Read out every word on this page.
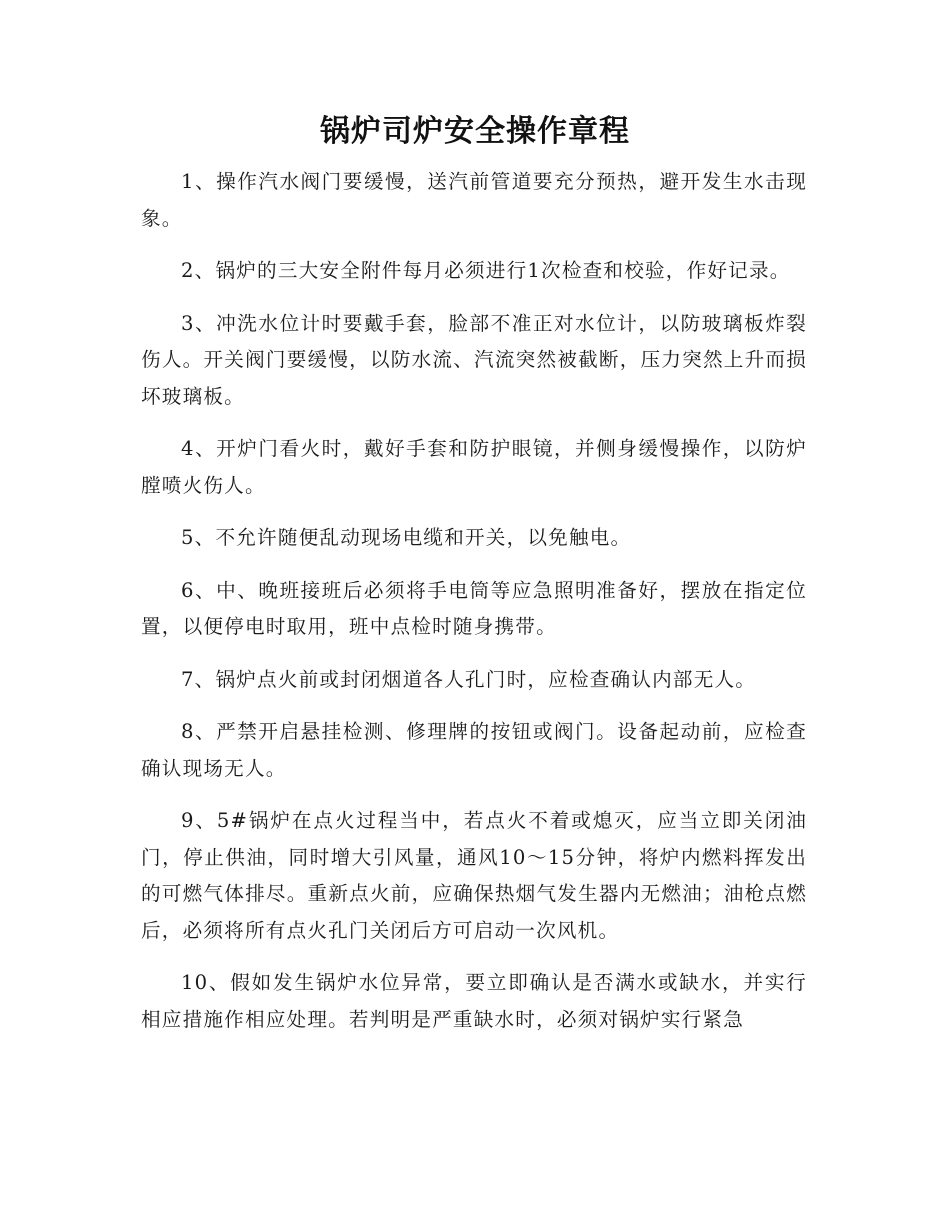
锅炉司炉安全操作章程

1、操作汽水阀门要缓慢，送汽前管道要充分预热，避开发生水击现象。

2、锅炉的三大安全附件每月必须进行1次检查和校验，作好记录。

3、冲洗水位计时要戴手套，脸部不准正对水位计，以防玻璃板炸裂伤人。开关阀门要缓慢，以防水流、汽流突然被截断，压力突然上升而损坏玻璃板。

4、开炉门看火时，戴好手套和防护眼镜，并侧身缓慢操作，以防炉膛喷火伤人。

5、不允许随便乱动现场电缆和开关，以免触电。

6、中、晚班接班后必须将手电筒等应急照明准备好，摆放在指定位置，以便停电时取用，班中点检时随身携带。

7、锅炉点火前或封闭烟道各人孔门时，应检查确认内部无人。

8、严禁开启悬挂检测、修理牌的按钮或阀门。设备起动前，应检查确认现场无人。

9、5#锅炉在点火过程当中，若点火不着或熄灭，应当立即关闭油门，停止供油，同时增大引风量，通风10～15分钟，将炉内燃料挥发出的可燃气体排尽。重新点火前，应确保热烟气发生器内无燃油；油枪点燃后，必须将所有点火孔门关闭后方可启动一次风机。

10、假如发生锅炉水位异常，要立即确认是否满水或缺水，并实行相应措施作相应处理。若判明是严重缺水时，必须对锅炉实行紧急
